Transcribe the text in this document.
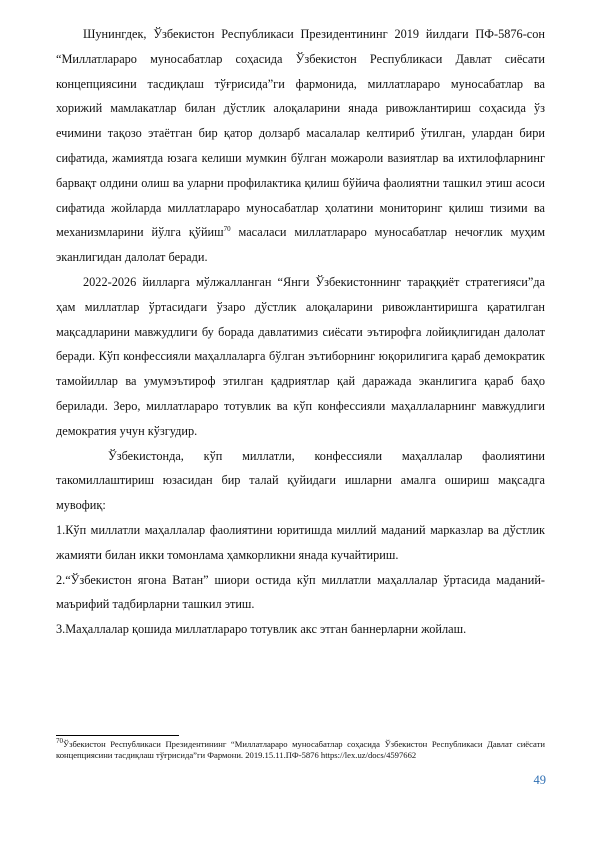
Шунингдек, Ўзбекистон Республикаси Президентининг 2019 йилдаги ПФ-5876-сон “Миллатлараро муносабатлар соҳасида Ўзбекистон Республикаси Давлат сиёсати концепциясини тасдиқлаш тўғрисида”ги фармонида, миллатлараро муносабатлар ва хорижий мамлакатлар билан дўстлик алоқаларини янада ривожлантириш соҳасида ўз ечимини тақозо этаётган бир қатор долзарб масалалар келтириб ўтилган, улардан бири сифатида, жамиятда юзага келиши мумкин бўлган можароли вазиятлар ва ихтилофларнинг барвақт олдини олиш ва уларни профилактика қилиш бўйича фаолиятни ташкил этиш асоси сифатида жойларда миллатлараро муносабатлар ҳолатини мониторинг қилиш тизими ва механизмларини йўлга қўйиш$^{70}$ масаласи миллатлараро муносабатлар нечоғлик муҳим эканлигидан далолат беради.

2022-2026 йилларга мўлжалланган “Янги Ўзбекистоннинг тараққиёт стратегияси”да ҳам миллатлар ўртасидаги ўзаро дўстлик алоқаларини ривожлантиришга қаратилган мақсадларини мавжудлиги бу борада давлатимиз сиёсати эътирофга лойиқлигидан далолат беради. Кўп конфессияли маҳаллаларга бўлган эътиборнинг юқорилигига қараб демократик тамойиллар ва умумэътироф этилган қадриятлар қай даражада эканлигига қараб баҳо берилади. Зеро, миллатлараро тотувлик ва кўп конфессияли маҳаллаларнинг мавжудлиги демократия учун кўзгудир.

Ўзбекистонда, кўп миллатли, конфессияли маҳаллалар фаолиятини такомиллаштириш юзасидан бир талай қуйидаги ишларни амалга ошириш мақсадга мувофиқ:

1.Кўп миллатли маҳаллалар фаолиятини юритишда миллий маданий марказлар ва дўстлик жамияти билан икки томонлама ҳамкорликни янада кучайтириш.

2.“Ўзбекистон ягона Ватан” шиори остида кўп миллатли маҳаллалар ўртасида маданий-маърифий тадбирларни ташкил этиш.

3.Маҳаллалар қошида миллатлараро тотувлик акс этган баннерларни жойлаш.

$^{70}$Ўзбекистон Республикаси Президентининг “Миллатлараро муносабатлар соҳасида Ўзбекистон Республикаси Давлат сиёсати концепциясини тасдиқлаш тўғрисида”ги Фармони. 2019.15.11.ПФ-5876 https://lex.uz/docs/4597662

49
